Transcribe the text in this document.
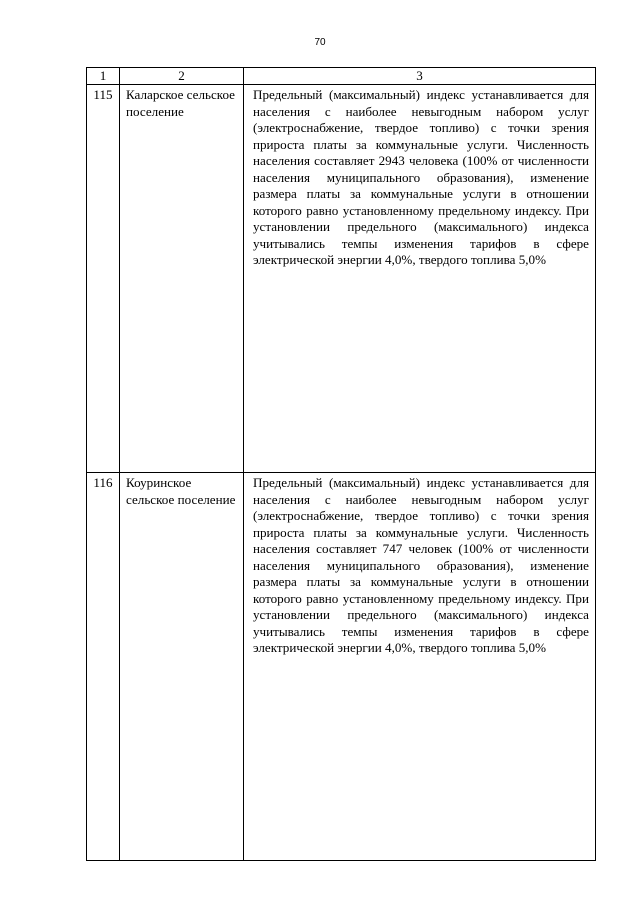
70
1	2	3
115	Каларское сельское поселение	Предельный (максимальный) индекс устанавливается для населения с наиболее невыгодным набором услуг (электроснабжение, твердое топливо) с точки зрения прироста платы за коммунальные услуги. Численность населения составляет 2943 человека (100% от численности населения муниципального образования), изменение размера платы за коммунальные услуги в отношении которого равно установленному предельному индексу. При установлении предельного (максимального) индекса учитывались темпы изменения тарифов в сфере электрической энергии 4,0%, твердого топлива 5,0%
116	Коуринское сельское поселение	Предельный (максимальный) индекс устанавливается для населения с наиболее невыгодным набором услуг (электроснабжение, твердое топливо) с точки зрения прироста платы за коммунальные услуги. Численность населения составляет 747 человек (100% от численности населения муниципального образования), изменение размера платы за коммунальные услуги в отношении которого равно установленному предельному индексу. При установлении предельного (максимального) индекса учитывались темпы изменения тарифов в сфере электрической энергии 4,0%, твердого топлива 5,0%
